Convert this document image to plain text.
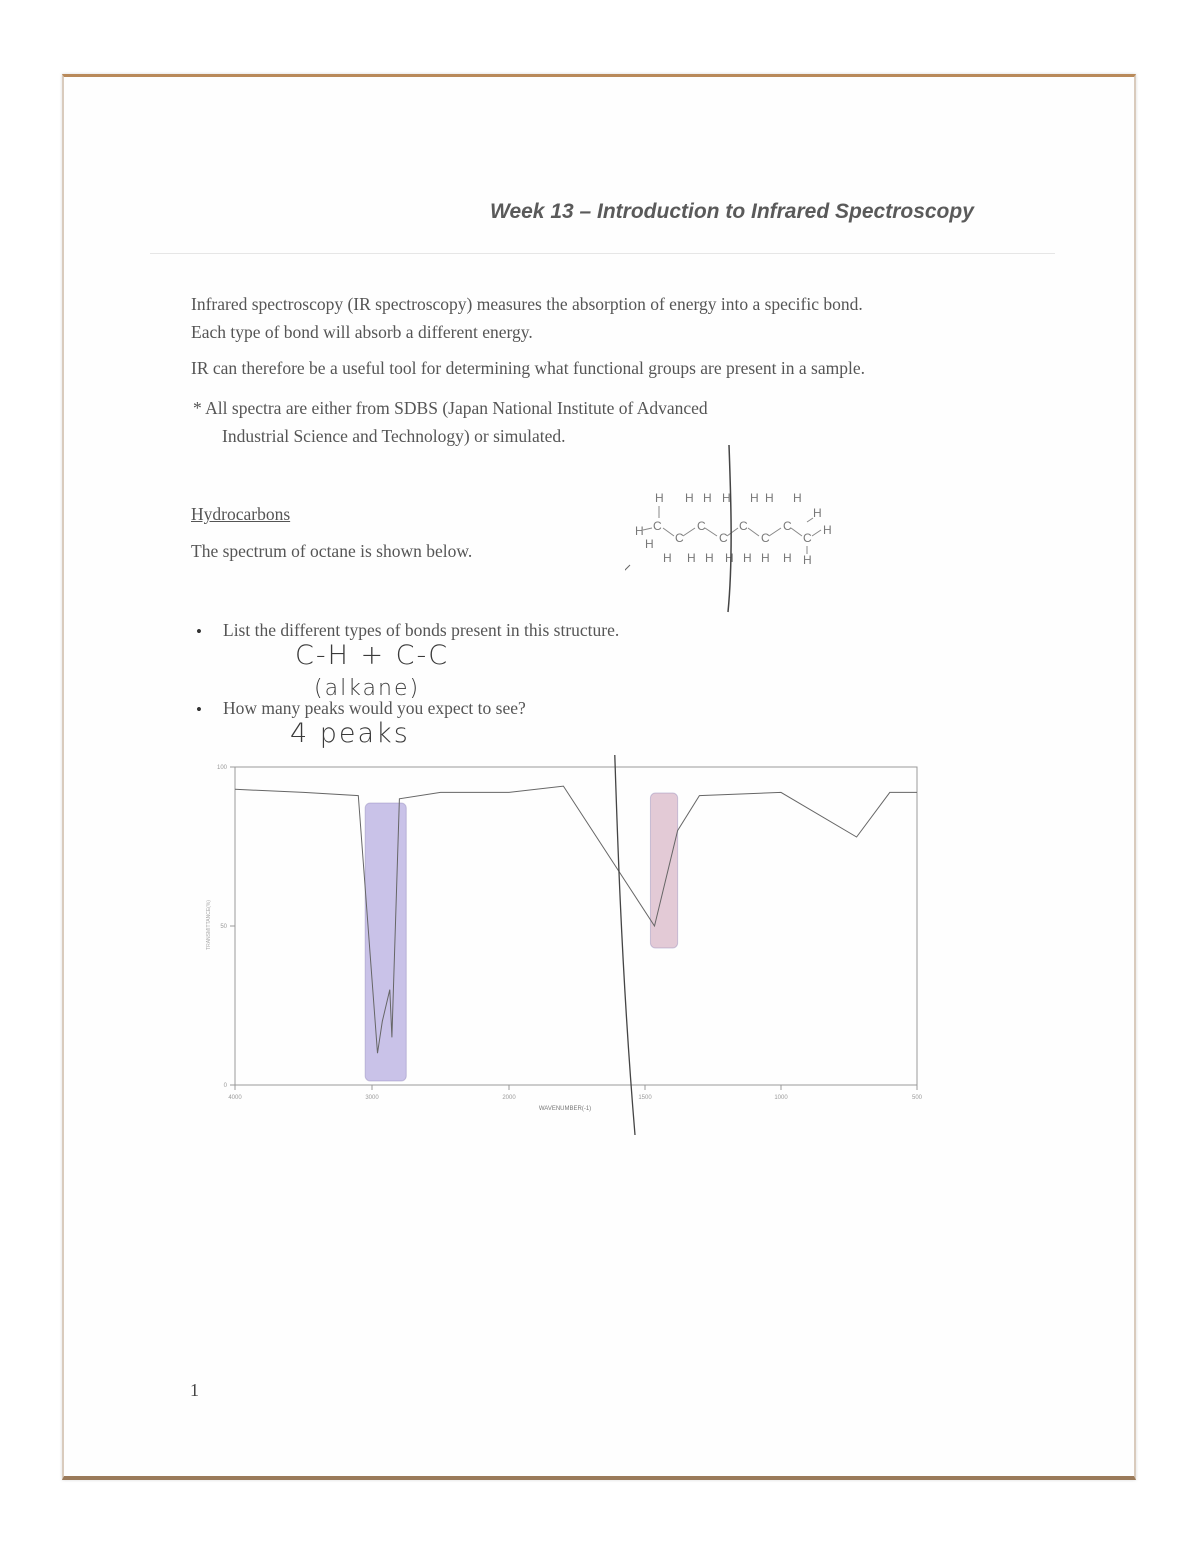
Week 13 – Introduction to Infrared Spectroscopy
Infrared spectroscopy (IR spectroscopy) measures the absorption of energy into a specific bond.
Each type of bond will absorb a different energy.
IR can therefore be a useful tool for determining what functional groups are present in a sample.
* All spectra are either from SDBS (Japan National Institute of Advanced
Industrial Science and Technology) or simulated.
Hydrocarbons
The spectrum of octane is shown below.
H
H
H
C
H H
C
H
C
H H
H
C
H
C
H H
C
H H
C
H
H
C
H
H
H
• List the different types of bonds present in this structure.
C-H + C-C
(alkane)
• How many peaks would you expect to see?
4 peaks
4000	3000	2000	1500	1000	500
100
50
0
WAVENUMBER(-1)
TRANSMITTANCE(%)
1
